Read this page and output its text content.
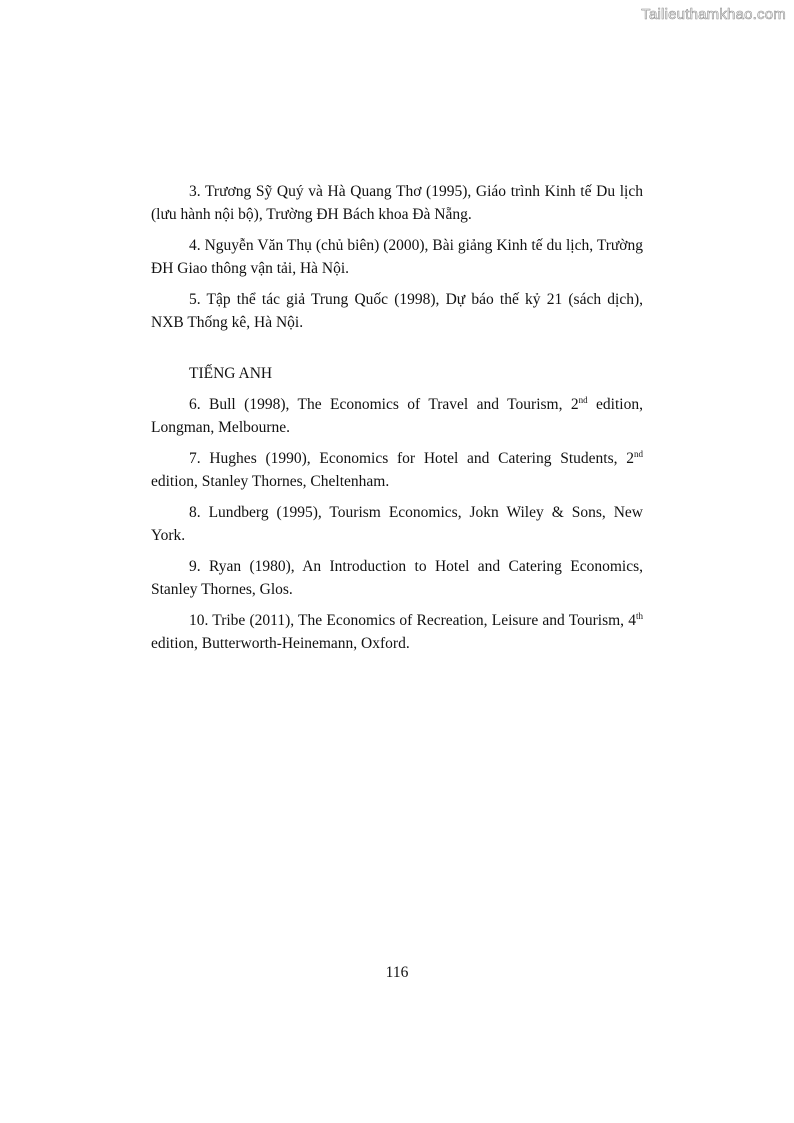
Tailieuthamkhao.com

3. Trương Sỹ Quý và Hà Quang Thơ (1995), Giáo trình Kinh tế Du lịch (lưu hành nội bộ), Trường ĐH Bách khoa Đà Nẵng.

4. Nguyễn Văn Thụ (chủ biên) (2000), Bài giảng Kinh tế du lịch, Trường ĐH Giao thông vận tải, Hà Nội.

5. Tập thể tác giả Trung Quốc (1998), Dự báo thế kỷ 21 (sách dịch), NXB Thống kê, Hà Nội.

TIẾNG ANH

6. Bull (1998), The Economics of Travel and Tourism, 2nd edition, Longman, Melbourne.

7. Hughes (1990), Economics for Hotel and Catering Students, 2nd edition, Stanley Thornes, Cheltenham.

8. Lundberg (1995), Tourism Economics, Jokn Wiley & Sons, New York.

9. Ryan (1980), An Introduction to Hotel and Catering Economics, Stanley Thornes, Glos.

10. Tribe (2011), The Economics of Recreation, Leisure and Tourism, 4th edition, Butterworth-Heinemann, Oxford.

116
